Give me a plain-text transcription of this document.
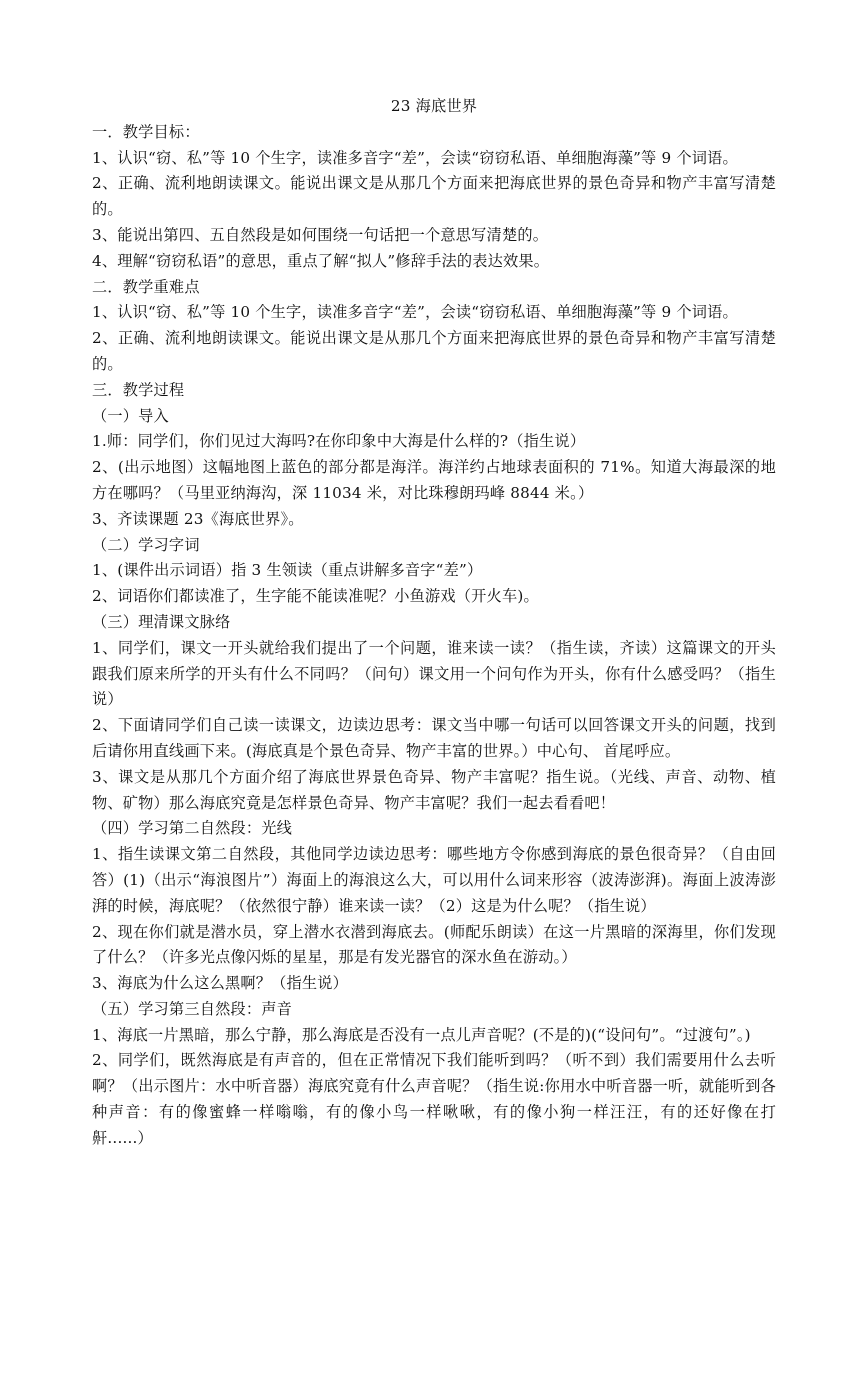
23 海底世界

一．教学目标：

1、认识“窃、私”等 10 个生字，读准多音字“差”，会读“窃窃私语、单细胞海藻”等 9 个词语。

2、正确、流利地朗读课文。能说出课文是从那几个方面来把海底世界的景色奇异和物产丰富写清楚的。

3、能说出第四、五自然段是如何围绕一句话把一个意思写清楚的。

4、理解“窃窃私语”的意思，重点了解“拟人”修辞手法的表达效果。

二．教学重难点

1、认识“窃、私”等 10 个生字，读准多音字“差”，会读“窃窃私语、单细胞海藻”等 9 个词语。

2、正确、流利地朗读课文。能说出课文是从那几个方面来把海底世界的景色奇异和物产丰富写清楚的。

三．教学过程

（一）导入

1.师：同学们，你们见过大海吗?在你印象中大海是什么样的?（指生说）

2、(出示地图）这幅地图上蓝色的部分都是海洋。海洋约占地球表面积的 71%。知道大海最深的地方在哪吗？（马里亚纳海沟，深 11034 米，对比珠穆朗玛峰 8844 米。）

3、齐读课题 23《海底世界》。

（二）学习字词

1、(课件出示词语）指 3 生领读（重点讲解多音字“差”）

2、词语你们都读准了，生字能不能读准呢？小鱼游戏（开火车)。

（三）理清课文脉络

1、同学们，课文一开头就给我们提出了一个问题，谁来读一读？（指生读，齐读）这篇课文的开头跟我们原来所学的开头有什么不同吗？（问句）课文用一个问句作为开头，你有什么感受吗？（指生说）

2、下面请同学们自己读一读课文，边读边思考：课文当中哪一句话可以回答课文开头的问题，找到后请你用直线画下来。(海底真是个景色奇异、物产丰富的世界。）中心句、 首尾呼应。

3、课文是从那几个方面介绍了海底世界景色奇异、物产丰富呢？指生说。（光线、声音、动物、植物、矿物）那么海底究竟是怎样景色奇异、物产丰富呢？我们一起去看看吧！

（四）学习第二自然段：光线

1、指生读课文第二自然段，其他同学边读边思考：哪些地方令你感到海底的景色很奇异？（自由回答）(1)（出示“海浪图片”）海面上的海浪这么大，可以用什么词来形容（波涛澎湃)。海面上波涛澎湃的时候，海底呢？（依然很宁静）谁来读一读？（2）这是为什么呢？（指生说）

2、现在你们就是潜水员，穿上潜水衣潜到海底去。(师配乐朗读）在这一片黑暗的深海里，你们发现了什么？（许多光点像闪烁的星星，那是有发光器官的深水鱼在游动。）

3、海底为什么这么黑啊？（指生说）

（五）学习第三自然段：声音

1、海底一片黑暗，那么宁静，那么海底是否没有一点儿声音呢？(不是的)(“设问句”。“过渡句”。)

2、同学们，既然海底是有声音的，但在正常情况下我们能听到吗？（听不到）我们需要用什么去听啊？（出示图片：水中听音器）海底究竟有什么声音呢？（指生说:你用水中听音器一听，就能听到各种声音：有的像蜜蜂一样嗡嗡，有的像小鸟一样啾啾，有的像小狗一样汪汪，有的还好像在打鼾......）
